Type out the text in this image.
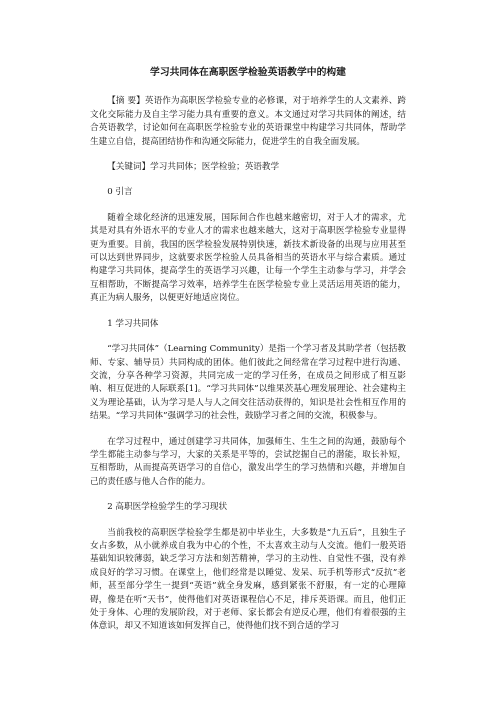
学习共同体在高职医学检验英语教学中的构建

【摘 要】英语作为高职医学检验专业的必修课，对于培养学生的人文素养、跨文化交际能力及自主学习能力具有重要的意义。本文通过对学习共同体的阐述，结合英语教学，讨论如何在高职医学检验专业的英语课堂中构建学习共同体，帮助学生建立自信，提高团结协作和沟通交际能力，促进学生的自我全面发展。

【关键词】学习共同体；医学检验；英语教学

0 引言

随着全球化经济的迅速发展，国际间合作也越来越密切，对于人才的需求，尤其是对具有外语水平的专业人才的需求也越来越大，这对于高职医学检验专业显得更为重要。目前，我国的医学检验发展特别快速，新技术新设备的出现与应用甚至可以达到世界同步，这就要求医学检验人员具备相当的英语水平与综合素质。通过构建学习共同体，提高学生的英语学习兴趣，让每一个学生主动参与学习，并学会互相帮助，不断提高学习效率，培养学生在医学检验专业上灵活运用英语的能力，真正为病人服务，以便更好地适应岗位。

1 学习共同体

“学习共同体”（Learning Community）是指一个学习者及其助学者（包括教师、专家、辅导员）共同构成的团体。他们彼此之间经常在学习过程中进行沟通、交流，分享各种学习资源，共同完成一定的学习任务，在成员之间形成了相互影响、相互促进的人际联系[1]。“学习共同体”以维果茨基心理发展理论、社会建构主义为理论基础，认为学习是人与人之间交往活动获得的，知识是社会性相互作用的结果。“学习共同体”强调学习的社会性，鼓励学习者之间的交流，积极参与。

在学习过程中，通过创建学习共同体，加强师生、生生之间的沟通，鼓励每个学生都能主动参与学习，大家的关系是平等的，尝试挖掘自己的潜能，取长补短，互相帮助，从而提高英语学习的自信心，激发出学生的学习热情和兴趣，并增加自己的责任感与他人合作的能力。

2 高职医学检验学生的学习现状

当前我校的高职医学检验学生都是初中毕业生，大多数是“九五后”，且独生子女占多数，从小就养成自我为中心的个性，不太喜欢主动与人交流。他们一般英语基础知识较薄弱，缺乏学习方法和刻苦精神，学习的主动性、自觉性不强，没有养成良好的学习习惯。在课堂上，他们经常是以睡觉、发呆、玩手机等形式“反抗”老师，甚至部分学生一提到“英语”就全身发麻，感到紧张不舒服，有一定的心理障碍，像是在听“天书”，使得他们对英语课程信心不足，排斥英语课。而且，他们正处于身体、心理的发展阶段，对于老师、家长都会有逆反心理，他们有着很强的主体意识，却又不知道该如何发挥自己，使得他们找不到合适的学习
